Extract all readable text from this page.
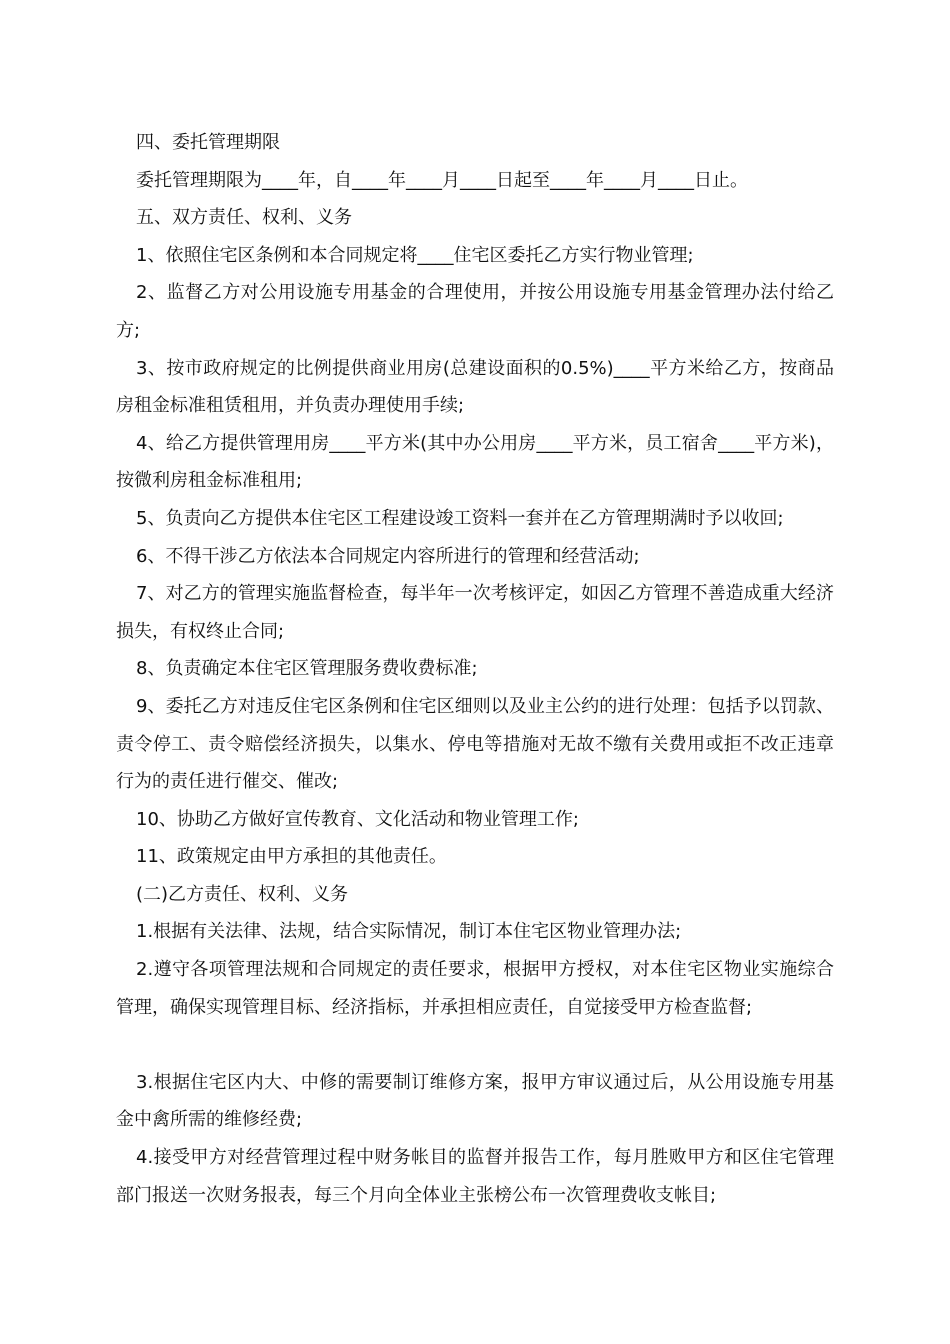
四、委托管理期限

委托管理期限为____年，自____年____月____日起至____年____月____日止。

五、双方责任、权利、义务

1、依照住宅区条例和本合同规定将____住宅区委托乙方实行物业管理;

2、监督乙方对公用设施专用基金的合理使用，并按公用设施专用基金管理办法付给乙方;

3、按市政府规定的比例提供商业用房(总建设面积的0.5%)____平方米给乙方，按商品房租金标准租赁租用，并负责办理使用手续;

4、给乙方提供管理用房____平方米(其中办公用房____平方米，员工宿舍____平方米)，按微利房租金标准租用;

5、负责向乙方提供本住宅区工程建设竣工资料一套并在乙方管理期满时予以收回;

6、不得干涉乙方依法本合同规定内容所进行的管理和经营活动;

7、对乙方的管理实施监督检查，每半年一次考核评定，如因乙方管理不善造成重大经济损失，有权终止合同;

8、负责确定本住宅区管理服务费收费标准;

9、委托乙方对违反住宅区条例和住宅区细则以及业主公约的进行处理：包括予以罚款、责令停工、责令赔偿经济损失，以集水、停电等措施对无故不缴有关费用或拒不改正违章行为的责任进行催交、催改;

10、协助乙方做好宣传教育、文化活动和物业管理工作;

11、政策规定由甲方承担的其他责任。

(二)乙方责任、权利、义务

1.根据有关法律、法规，结合实际情况，制订本住宅区物业管理办法;

2.遵守各项管理法规和合同规定的责任要求，根据甲方授权，对本住宅区物业实施综合管理，确保实现管理目标、经济指标，并承担相应责任，自觉接受甲方检查监督;

3.根据住宅区内大、中修的需要制订维修方案，报甲方审议通过后，从公用设施专用基金中禽所需的维修经费;

4.接受甲方对经营管理过程中财务帐目的监督并报告工作，每月胜败甲方和区住宅管理部门报送一次财务报表，每三个月向全体业主张榜公布一次管理费收支帐目;
